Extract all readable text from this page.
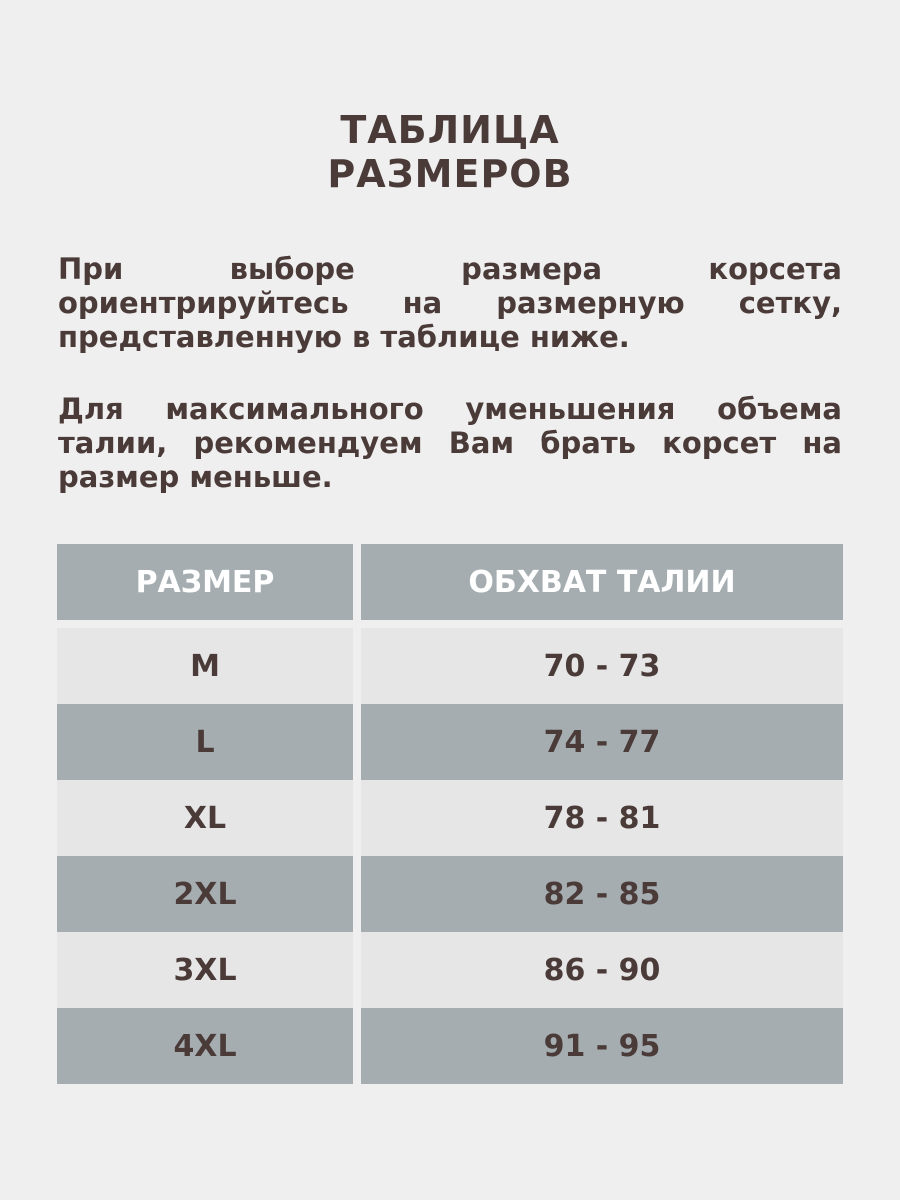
ТАБЛИЦА
РАЗМЕРОВ
При выборе размера корсета ориентрируйтесь на размерную сетку, представленную в таблице ниже.
Для максимального уменьшения объема талии, рекомендуем Вам брать корсет на размер меньше.
РАЗМЕР	ОБХВАТ ТАЛИИ
M	70 - 73
L	74 - 77
XL	78 - 81
2XL	82 - 85
3XL	86 - 90
4XL	91 - 95
